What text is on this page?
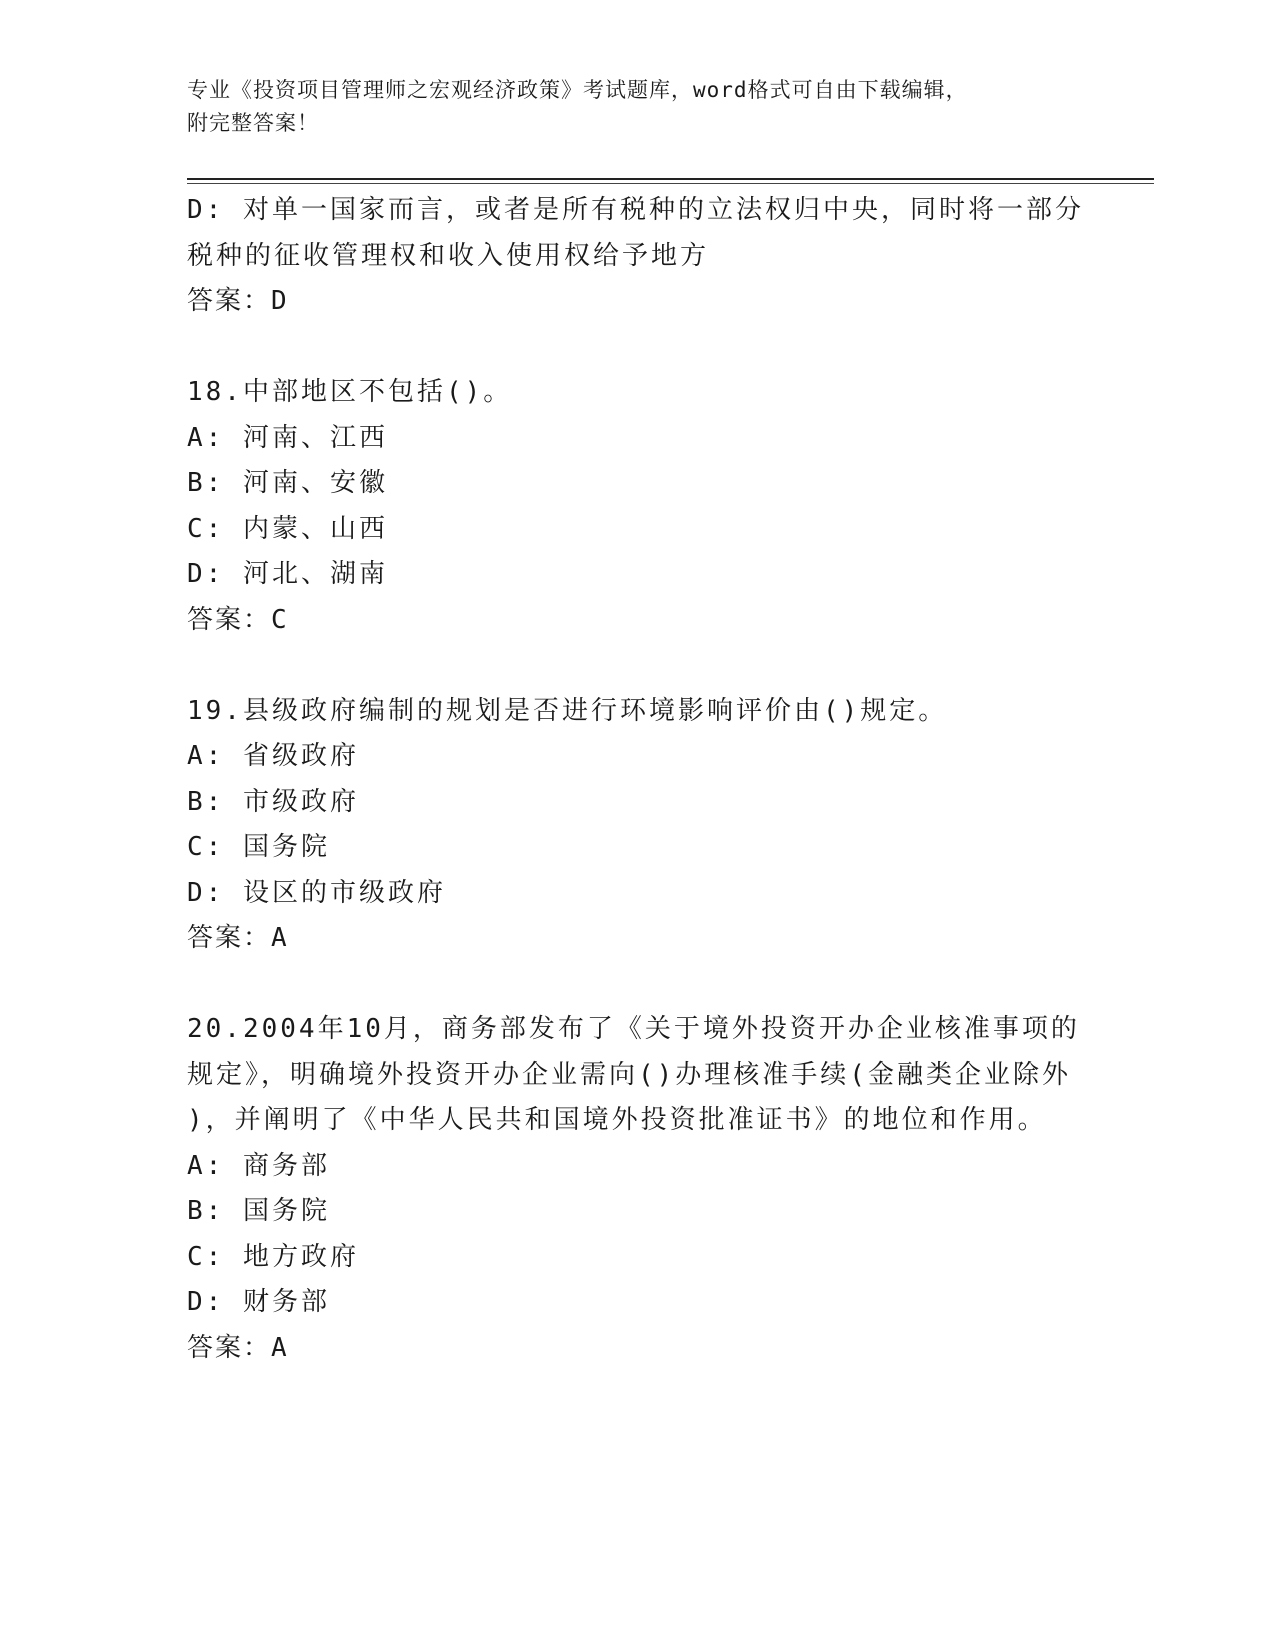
专业《投资项目管理师之宏观经济政策》考试题库，word格式可自由下载编辑，
附完整答案！
D: 对单一国家而言，或者是所有税种的立法权归中央，同时将一部分
税种的征收管理权和收入使用权给予地方
答案：D
18.中部地区不包括()。
A: 河南、江西
B: 河南、安徽
C: 内蒙、山西
D: 河北、湖南
答案：C
19.县级政府编制的规划是否进行环境影响评价由()规定。
A: 省级政府
B: 市级政府
C: 国务院
D: 设区的市级政府
答案：A
20.2004年10月，商务部发布了《关于境外投资开办企业核准事项的
规定》，明确境外投资开办企业需向()办理核准手续(金融类企业除外
)，并阐明了《中华人民共和国境外投资批准证书》的地位和作用。
A: 商务部
B: 国务院
C: 地方政府
D: 财务部
答案：A
